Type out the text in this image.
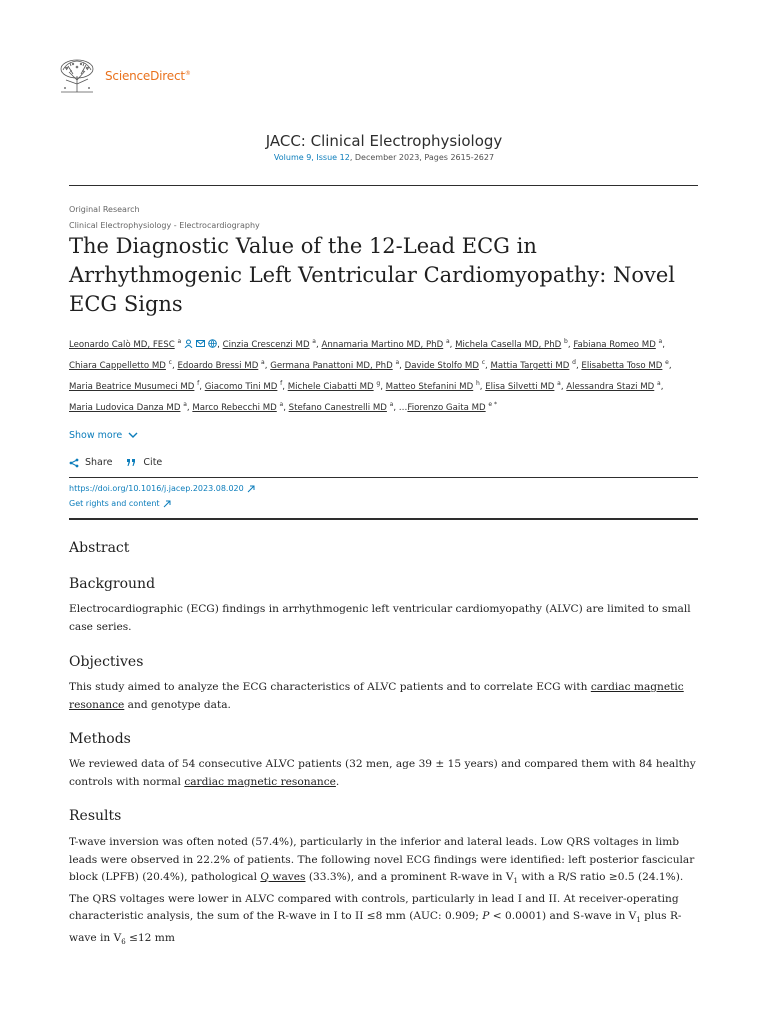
ScienceDirect®
JACC: Clinical Electrophysiology
Volume 9, Issue 12, December 2023, Pages 2615-2627
Original Research
Clinical Electrophysiology - Electrocardiography
The Diagnostic Value of the 12-Lead ECG in Arrhythmogenic Left Ventricular Cardiomyopathy: Novel ECG Signs
Leonardo Calò MD, FESC $^a$	, Cinzia Crescenzi MD $^a$, Annamaria Martino MD, PhD $^a$, Michela Casella MD, PhD $^b$, Fabiana Romeo MD $^a$, Chiara Cappelletto MD $^c$, Edoardo Bressi MD $^a$, Germana Panattoni MD, PhD $^a$, Davide Stolfo MD $^c$, Mattia Targetti MD $^d$, Elisabetta Toso MD $^e$, Maria Beatrice Musumeci MD $^f$, Giacomo Tini MD $^f$, Michele Ciabatti MD $^g$, Matteo Stefanini MD $^h$, Elisa Silvetti MD $^a$, Alessandra Stazi MD $^a$, Maria Ludovica Danza MD $^a$, Marco Rebecchi MD $^a$, Stefano Canestrelli MD $^a$, …Fiorenzo Gaita MD $^{e *}$
Show more
Share	Cite
https://doi.org/10.1016/j.jacep.2023.08.020
Get rights and content
Abstract
Background
Electrocardiographic (ECG) findings in arrhythmogenic left ventricular cardiomyopathy (ALVC) are limited to small case series.
Objectives
This study aimed to analyze the ECG characteristics of ALVC patients and to correlate ECG with cardiac magnetic resonance and genotype data.
Methods
We reviewed data of 54 consecutive ALVC patients (32 men, age 39 ± 15 years) and compared them with 84 healthy controls with normal cardiac magnetic resonance.
Results
T-wave inversion was often noted (57.4%), particularly in the inferior and lateral leads. Low QRS voltages in limb leads were observed in 22.2% of patients. The following novel ECG findings were identified: left posterior fascicular block (LPFB) (20.4%), pathological Q waves (33.3%), and a prominent R-wave in $V_1$ with a R/S ratio ≥0.5 (24.1%). The QRS voltages were lower in ALVC compared with controls, particularly in lead I and II. At receiver-operating characteristic analysis, the sum of the R-wave in I to II ≤8 mm (AUC: 0.909; P < 0.0001) and S-wave in $V_1$ plus R-wave in $V_6 \le 12$ mm
